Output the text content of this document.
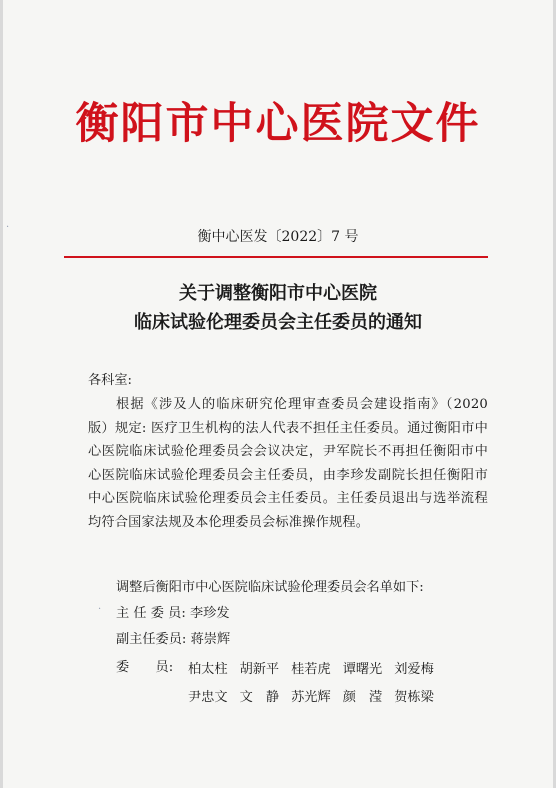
衡阳市中心医院文件
衡中心医发〔2022〕7 号
关于调整衡阳市中心医院
临床试验伦理委员会主任委员的通知
各科室:
根据《涉及人的临床研究伦理审查委员会建设指南》（2020 版）规定: 医疗卫生机构的法人代表不担任主任委员。通过衡阳市中心医院临床试验伦理委员会会议决定，尹军院长不再担任衡阳市中心医院临床试验伦理委员会主任委员，由李珍发副院长担任衡阳市中心医院临床试验伦理委员会主任委员。主任委员退出与选举流程均符合国家法规及本伦理委员会标准操作规程。
调整后衡阳市中心医院临床试验伦理委员会名单如下:
主 任 委 员: 李珍发
副主任委员: 蒋崇辉
委　　员: 柏太柱 胡新平 桂若虎 谭曙光 刘爱梅
尹忠文 文　静 苏光辉 颜　滢 贺栋梁
·
·
